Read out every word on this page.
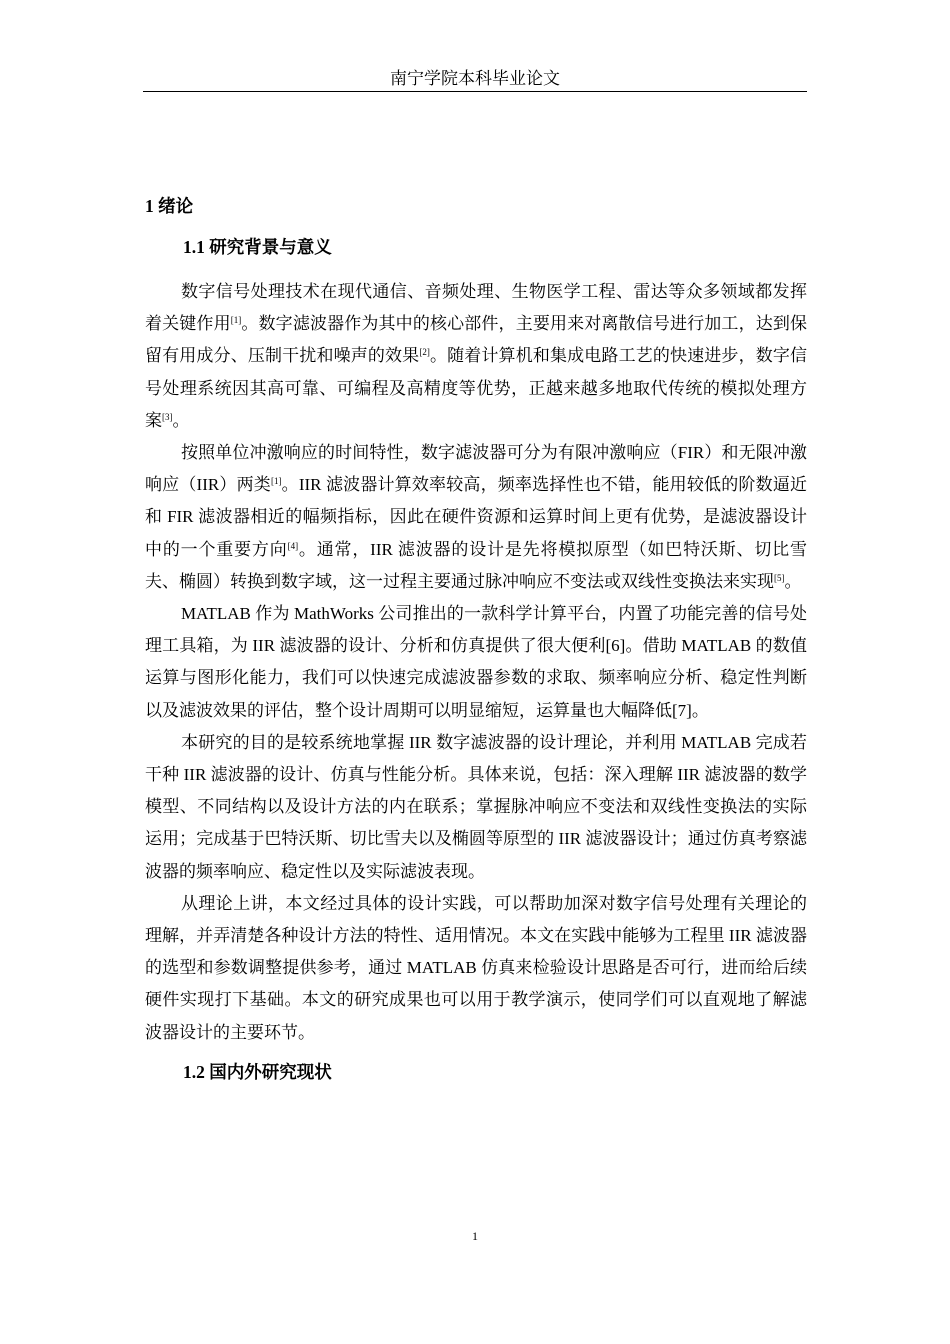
南宁学院本科毕业论文
1 绪论
1.1 研究背景与意义

数字信号处理技术在现代通信、音频处理、生物医学工程、雷达等众多领域都发挥着关键作用[1]。数字滤波器作为其中的核心部件，主要用来对离散信号进行加工，达到保留有用成分、压制干扰和噪声的效果[2]。随着计算机和集成电路工艺的快速进步，数字信号处理系统因其高可靠、可编程及高精度等优势，正越来越多地取代传统的模拟处理方案[3]。

按照单位冲激响应的时间特性，数字滤波器可分为有限冲激响应（FIR）和无限冲激响应（IIR）两类[1]。IIR 滤波器计算效率较高，频率选择性也不错，能用较低的阶数逼近和 FIR 滤波器相近的幅频指标，因此在硬件资源和运算时间上更有优势，是滤波器设计中的一个重要方向[4]。通常，IIR 滤波器的设计是先将模拟原型（如巴特沃斯、切比雪夫、椭圆）转换到数字域，这一过程主要通过脉冲响应不变法或双线性变换法来实现[5]。

MATLAB 作为 MathWorks 公司推出的一款科学计算平台，内置了功能完善的信号处理工具箱，为 IIR 滤波器的设计、分析和仿真提供了很大便利[6]。借助 MATLAB 的数值运算与图形化能力，我们可以快速完成滤波器参数的求取、频率响应分析、稳定性判断以及滤波效果的评估，整个设计周期可以明显缩短，运算量也大幅降低[7]。

本研究的目的是较系统地掌握 IIR 数字滤波器的设计理论，并利用 MATLAB 完成若干种 IIR 滤波器的设计、仿真与性能分析。具体来说，包括：深入理解 IIR 滤波器的数学模型、不同结构以及设计方法的内在联系；掌握脉冲响应不变法和双线性变换法的实际运用；完成基于巴特沃斯、切比雪夫以及椭圆等原型的 IIR 滤波器设计；通过仿真考察滤波器的频率响应、稳定性以及实际滤波表现。

从理论上讲，本文经过具体的设计实践，可以帮助加深对数字信号处理有关理论的理解，并弄清楚各种设计方法的特性、适用情况。本文在实践中能够为工程里 IIR 滤波器的选型和参数调整提供参考，通过 MATLAB 仿真来检验设计思路是否可行，进而给后续硬件实现打下基础。本文的研究成果也可以用于教学演示，使同学们可以直观地了解滤波器设计的主要环节。

1.2 国内外研究现状
1
